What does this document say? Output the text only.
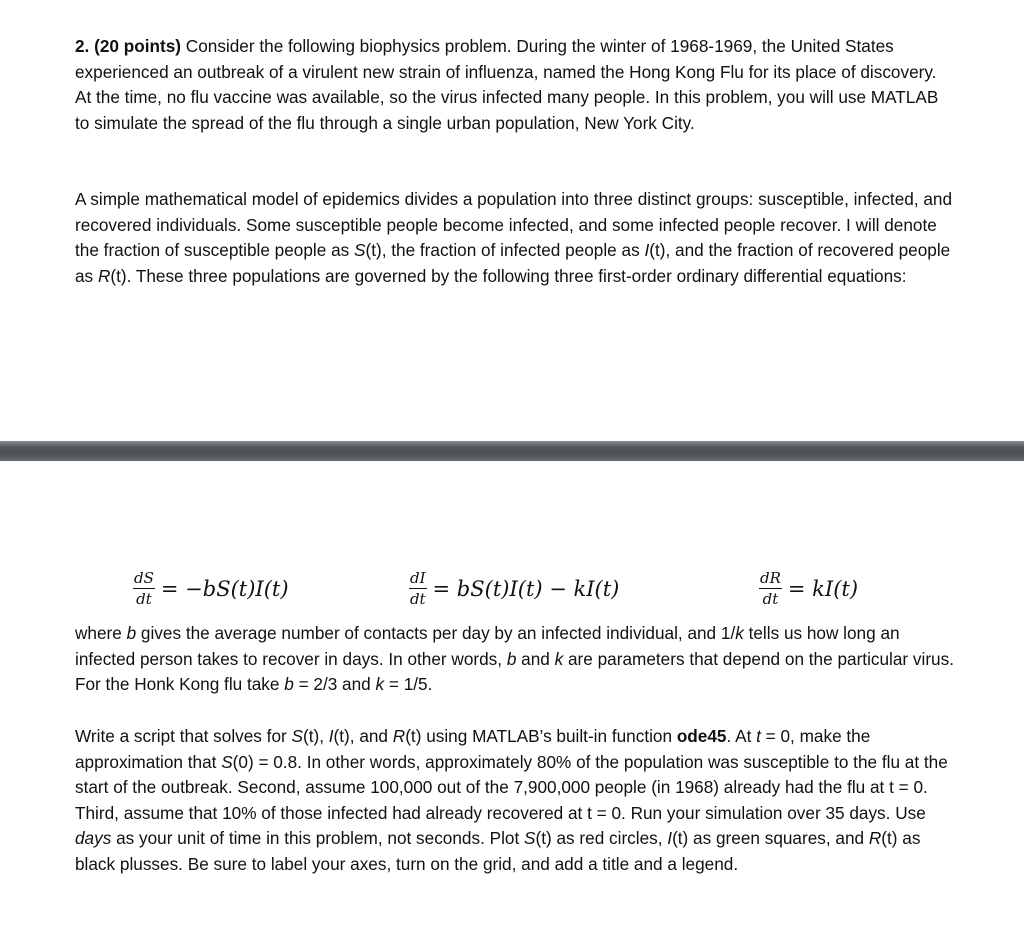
2. (20 points) Consider the following biophysics problem. During the winter of 1968-1969, the United States experienced an outbreak of a virulent new strain of influenza, named the Hong Kong Flu for its place of discovery. At the time, no flu vaccine was available, so the virus infected many people. In this problem, you will use MATLAB to simulate the spread of the flu through a single urban population, New York City.

A simple mathematical model of epidemics divides a population into three distinct groups: susceptible, infected, and recovered individuals. Some susceptible people become infected, and some infected people recover. I will denote the fraction of susceptible people as S(t), the fraction of infected people as I(t), and the fraction of recovered people as R(t). These three populations are governed by the following three first-order ordinary differential equations:

$\frac{dS}{dt} = -bS(t)I(t)$	$\frac{dI}{dt} = bS(t)I(t) - kI(t)$	$\frac{dR}{dt} = kI(t)$

where b gives the average number of contacts per day by an infected individual, and 1/k tells us how long an infected person takes to recover in days. In other words, b and k are parameters that depend on the particular virus. For the Honk Kong flu take b = 2/3 and k = 1/5.

Write a script that solves for S(t), I(t), and R(t) using MATLAB’s built-in function ode45. At t = 0, make the approximation that S(0) = 0.8. In other words, approximately 80% of the population was susceptible to the flu at the start of the outbreak. Second, assume 100,000 out of the 7,900,000 people (in 1968) already had the flu at t = 0. Third, assume that 10% of those infected had already recovered at t = 0. Run your simulation over 35 days. Use days as your unit of time in this problem, not seconds. Plot S(t) as red circles, I(t) as green squares, and R(t) as black plusses. Be sure to label your axes, turn on the grid, and add a title and a legend.
